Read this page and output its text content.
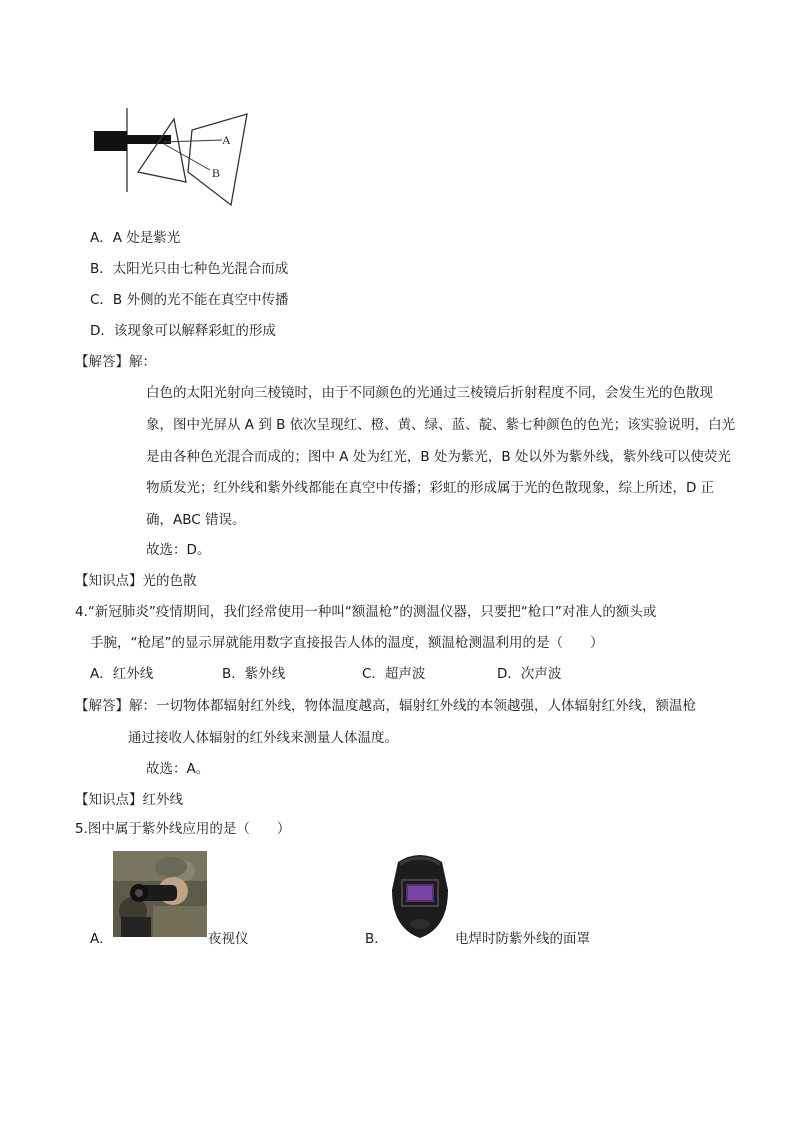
A
B
A．A 处是紫光
B．太阳光只由七种色光混合而成
C．B 外侧的光不能在真空中传播
D．该现象可以解释彩虹的形成
【解答】解：
白色的太阳光射向三棱镜时，由于不同颜色的光通过三棱镜后折射程度不同，会发生光的色散现象，图中光屏从 A 到 B 依次呈现红、橙、黄、绿、蓝、靛、紫七种颜色的色光；该实验说明，白光是由各种色光混合而成的；图中 A 处为红光，B 处为紫光，B 处以外为紫外线，紫外线可以使荧光物质发光；红外线和紫外线都能在真空中传播；彩虹的形成属于光的色散现象，综上所述，D 正确，ABC 错误。
故选：D。
【知识点】光的色散
4.“新冠肺炎”疫情期间，我们经常使用一种叫“额温枪”的测温仪器，只要把“枪口”对准人的额头或
手腕，“枪尾”的显示屏就能用数字直接报告人体的温度，额温枪测温利用的是（　　）
A．红外线	B．紫外线	C．超声波	D．次声波
【解答】解：一切物体都辐射红外线，物体温度越高，辐射红外线的本领越强，人体辐射红外线，额温枪
通过接收人体辐射的红外线来测量人体温度。
故选：A。
【知识点】红外线
5.图中属于紫外线应用的是（　　）
A．	夜视仪	B．	电焊时防紫外线的面罩
